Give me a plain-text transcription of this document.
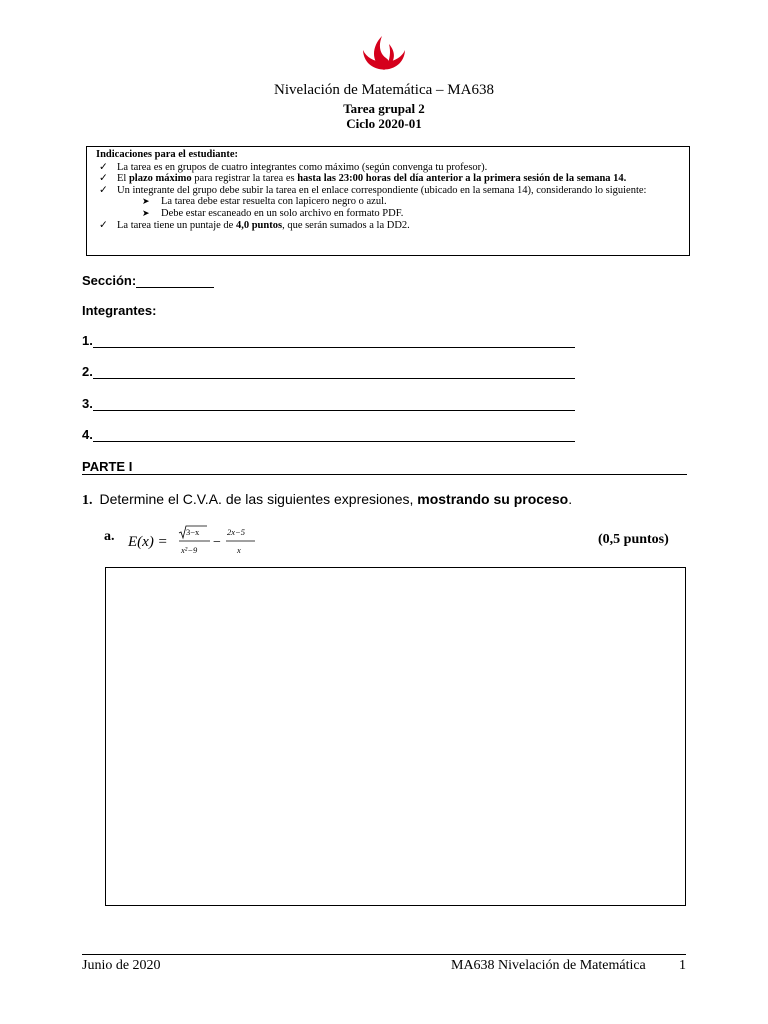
Nivelación de Matemática – MA638
Tarea grupal 2
Ciclo 2020-01
Indicaciones para el estudiante:
✓ La tarea es en grupos de cuatro integrantes como máximo (según convenga tu profesor).
✓ El plazo máximo para registrar la tarea es hasta las 23:00 horas del día anterior a la primera sesión de la semana 14.
✓ Un integrante del grupo debe subir la tarea en el enlace correspondiente (ubicado en la semana 14), considerando lo siguiente:
➤ La tarea debe estar resuelta con lapicero negro o azul.
➤ Debe estar escaneado en un solo archivo en formato PDF.
✓ La tarea tiene un puntaje de 4,0 puntos, que serán sumados a la DD2.
Sección:
Integrantes:
1.
2.
3.
4.
PARTE I
1. Determine el C.V.A. de las siguientes expresiones, mostrando su proceso.
a. E(x) =
3−x
x²−9 −
2x−5
x
(0,5 puntos)
Junio de 2020	MA638 Nivelación de Matemática 1
